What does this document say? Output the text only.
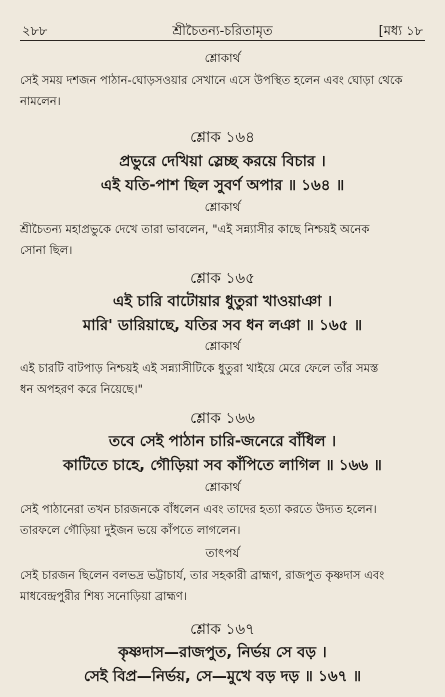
২৮৮	শ্রীচৈতন্য-চরিতামৃত	[মধ্য ১৮
শ্লোকার্থ
সেই সময় দশজন পাঠান-ঘোড়সওয়ার সেখানে এসে উপস্থিত হলেন এবং ঘোড়া থেকে
নামলেন।
শ্লোক ১৬৪
প্রভুরে দেখিয়া স্লেচ্ছ করয়ে বিচার ।
এই যতি-পাশ ছিল সুবর্ণ অপার ॥ ১৬৪ ॥
শ্লোকার্থ
শ্রীচৈতন্য মহাপ্রভুকে দেখে তারা ভাবলেন, "এই সন্ন্যাসীর কাছে নিশ্চয়ই অনেক
সোনা ছিল।
শ্লোক ১৬৫
এই চারি বাটোয়ার ধুতুরা খাওয়াঞা ।
মারি' ডারিয়াছে, যতির সব ধন লঞা ॥ ১৬৫ ॥
শ্লোকার্থ
এই চারটি বাটপাড় নিশ্চয়ই এই সন্ন্যাসীটিকে ধুতুরা খাইয়ে মেরে ফেলে তাঁর সমস্ত
ধন অপহরণ করে নিয়েছে।"
শ্লোক ১৬৬
তবে সেই পাঠান চারি-জনেরে বাঁধিল ।
কাটিতে চাহে, গৌড়িয়া সব কাঁপিতে লাগিল ॥ ১৬৬ ॥
শ্লোকার্থ
সেই পাঠানেরা তখন চারজনকে বাঁধলেন এবং তাদের হত্যা করতে উদ্যত হলেন।
তারফলে গৌড়িয়া দুইজন ভয়ে কাঁপতে লাগলেন।
তাৎপর্য
সেই চারজন ছিলেন বলভদ্র ভট্টাচার্য, তার সহকারী ব্রাহ্মণ, রাজপুত কৃষ্ণদাস এবং
মাধবেন্দ্রপুরীর শিষ্য সনোড়িয়া ব্রাহ্মণ।
শ্লোক ১৬৭
কৃষ্ণদাস—রাজপুত, নির্ভয় সে বড় ।
সেই বিপ্র—নির্ভয়, সে—মুখে বড় দড় ॥ ১৬৭ ॥
